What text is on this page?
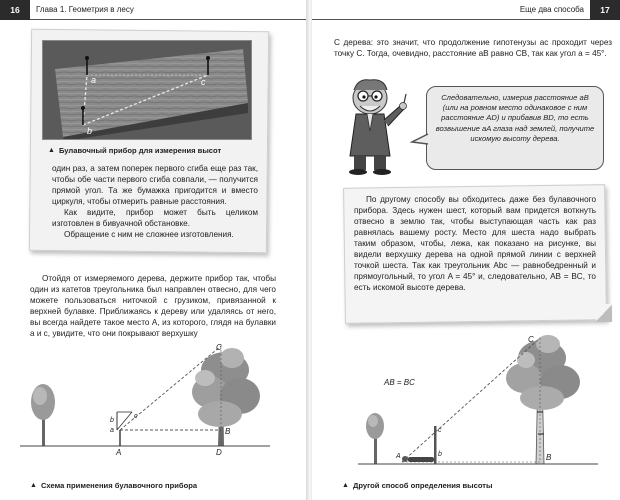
16	Глава 1. Геометрия в лесу
a	c
b
▲ Булавочный прибор для измерения высот

один раз, а затем поперек первого сгиба еще раз так, чтобы обе части первого сгиба совпали, — получится прямой угол. Та же бумажка пригодится и вместо циркуля, чтобы отмерить равные расстояния.

Как видите, прибор может быть целиком изготовлен в бивуачной обстановке.

Обращение с ним не сложнее изготовления.

Отойдя от измеряемого дерева, держите прибор так, чтобы один из катетов треугольника был направлен отвесно, для чего можете пользоваться ниточкой с грузиком, привязанной к верхней булавке. Приближаясь к дереву или удаляясь от него, вы всегда найдете такое место A, из которого, глядя на булавки a и c, увидите, что они покрывают верхушку
C
c
a
b
B
A	D
▲ Схема применения булавочного прибора
Еще два способа	17
С дерева: это значит, что продолжение гипотенузы ac проходит через точку C. Тогда, очевидно, расстояние aB равно CB, так как угол a = 45°.

Следовательно, измерив расстояние aB (или на ровном место одинаковое с ним расстояние AD) и прибавив BD, то есть возвышение aA глаза над землей, получите искомую высоту дерева.

По другому способу вы обходитесь даже без булавочного прибора. Здесь нужен шест, который вам придется воткнуть отвесно в землю так, чтобы выступающая часть как раз равнялась вашему росту. Место для шеста надо выбрать таким образом, чтобы, лежа, как показано на рисунке, вы видели верхушку дерева на одной прямой линии с верхней точкой шеста. Так как треугольник Abc — равнобедренный и прямоугольный, то угол A = 45° и, следовательно, AB = BC, то есть искомой высоте дерева.
C
AB = BC
c
b
A	B
▲ Другой способ определения высоты
